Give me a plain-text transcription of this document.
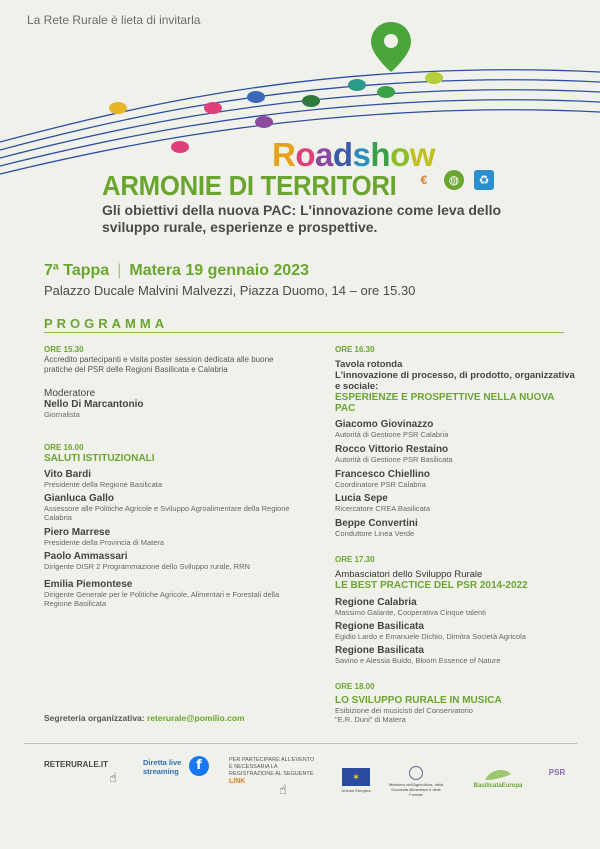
La Rete Rurale è lieta di invitarla
Roadshow
ARMONIE DI TERRITORI	€	◍	♻
Gli obiettivi della nuova PAC: L'innovazione come leva dello sviluppo rurale, esperienze e prospettive.
7ª Tappa | Matera 19 gennaio 2023
Palazzo Ducale Malvini Malvezzi, Piazza Duomo, 14 – ore 15.30
PROGRAMMA
ORE 15.30
Accredito partecipanti e visita poster session dedicata alle buone pratiche del PSR delle Regioni Basilicata e Calabria
Moderatore
Nello Di Marcantonio
Giornalista
ORE 16.00
SALUTI ISTITUZIONALI
Vito Bardi
Presidente della Regione Basilicata
Gianluca Gallo
Assessore alle Politiche Agricole e Sviluppo Agroalimentare della Regione Calabria
Piero Marrese
Presidente della Provincia di Matera
Paolo Ammassari
Dirigente DISR 2 Programmazione dello Sviluppo rurale, RRN
Emilia Piemontese
Dirigente Generale per le Politiche Agricole, Alimentari e Forestali della Regione Basilicata
ORE 16.30
Tavola rotonda
L'innovazione di processo, di prodotto, organizzativa e sociale:
ESPERIENZE E PROSPETTIVE NELLA NUOVA PAC
Giacomo Giovinazzo
Autorità di Gestione PSR Calabria
Rocco Vittorio Restaino
Autorità di Gestione PSR Basilicata
Francesco Chiellino
Coordinatore PSR Calabria
Lucia Sepe
Ricercatore CREA Basilicata
Beppe Convertini
Conduttore Linea Verde
ORE 17.30
Ambasciatori dello Sviluppo Rurale
LE BEST PRACTICE DEL PSR 2014-2022
Regione Calabria
Massimo Galante, Cooperativa Cinque talenti
Regione Basilicata
Egidio Lardo e Emanuele Dichio, Dimitra Società Agricola
Regione Basilicata
Savino e Alessia Buldo, Bloom Essence of Nature
ORE 18.00
LO SVILUPPO RURALE IN MUSICA
Esibizione dei musicisti del Conservatorio "E.R. Duni" di Matera
Segreteria organizzativa: reterurale@pomilio.com
RETERURALE.IT
☝
Diretta live
streaming	f	PER PARTECIPARE ALL'EVENTO È NECESSARIA LA REGISTRAZIONE AL SEGUENTE LINK
☝
✶
Unione Europea
Ministero dell'Agricoltura, della Sovranità Alimentare e delle Foreste
BasilicataEuropa
PSR
